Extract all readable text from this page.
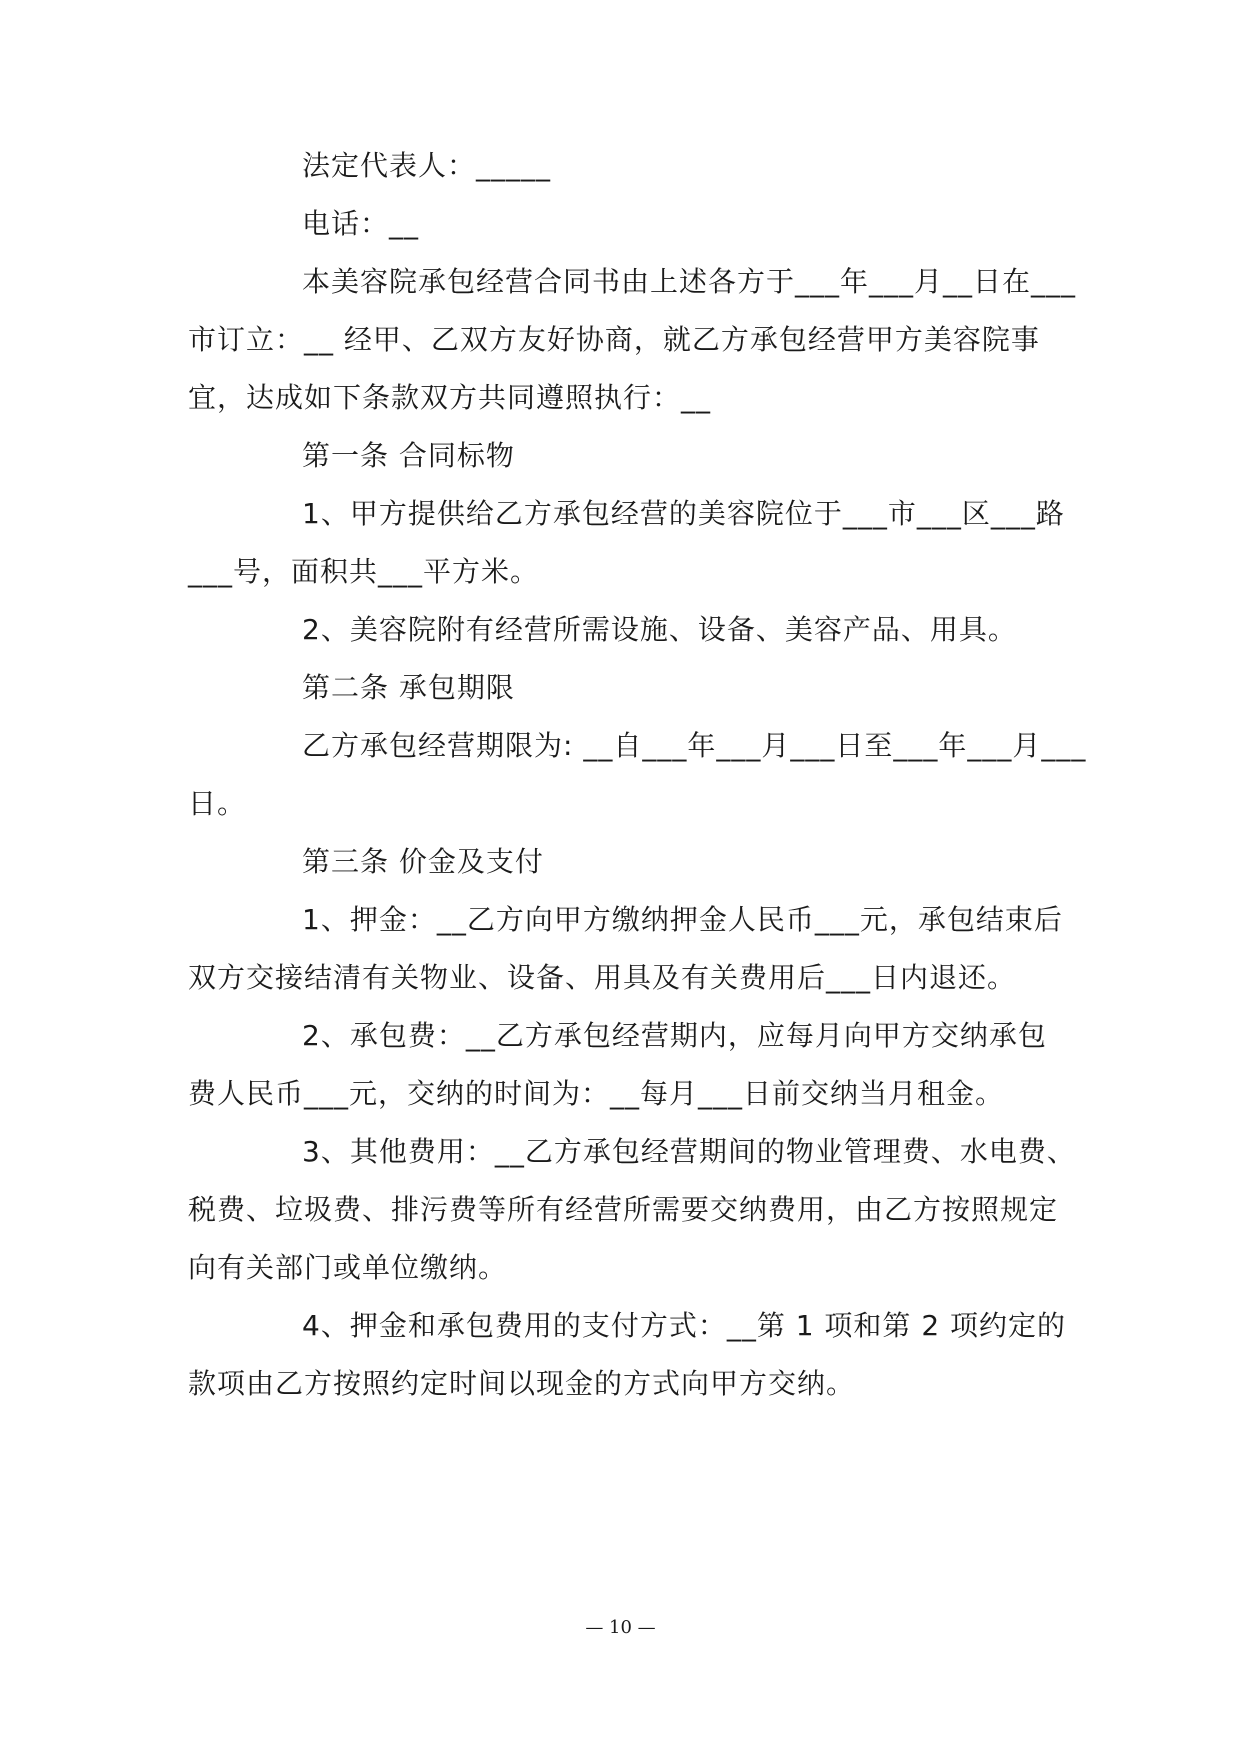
法定代表人：_____
电话：__
本美容院承包经营合同书由上述各方于___年___月__日在___
市订立：__ 经甲、乙双方友好协商，就乙方承包经营甲方美容院事
宜，达成如下条款双方共同遵照执行：__
第一条 合同标物
1、甲方提供给乙方承包经营的美容院位于___市___区___路
___号，面积共___平方米。
2、美容院附有经营所需设施、设备、美容产品、用具。
第二条 承包期限
乙方承包经营期限为: __自___年___月___日至___年___月___
日。
第三条 价金及支付
1、押金：__乙方向甲方缴纳押金人民币___元，承包结束后
双方交接结清有关物业、设备、用具及有关费用后___日内退还。
2、承包费：__乙方承包经营期内，应每月向甲方交纳承包
费人民币___元，交纳的时间为：__每月___日前交纳当月租金。
3、其他费用：__乙方承包经营期间的物业管理费、水电费、
税费、垃圾费、排污费等所有经营所需要交纳费用，由乙方按照规定
向有关部门或单位缴纳。
4、押金和承包费用的支付方式：__第 1 项和第 2 项约定的
款项由乙方按照约定时间以现金的方式向甲方交纳。
— 10 —
